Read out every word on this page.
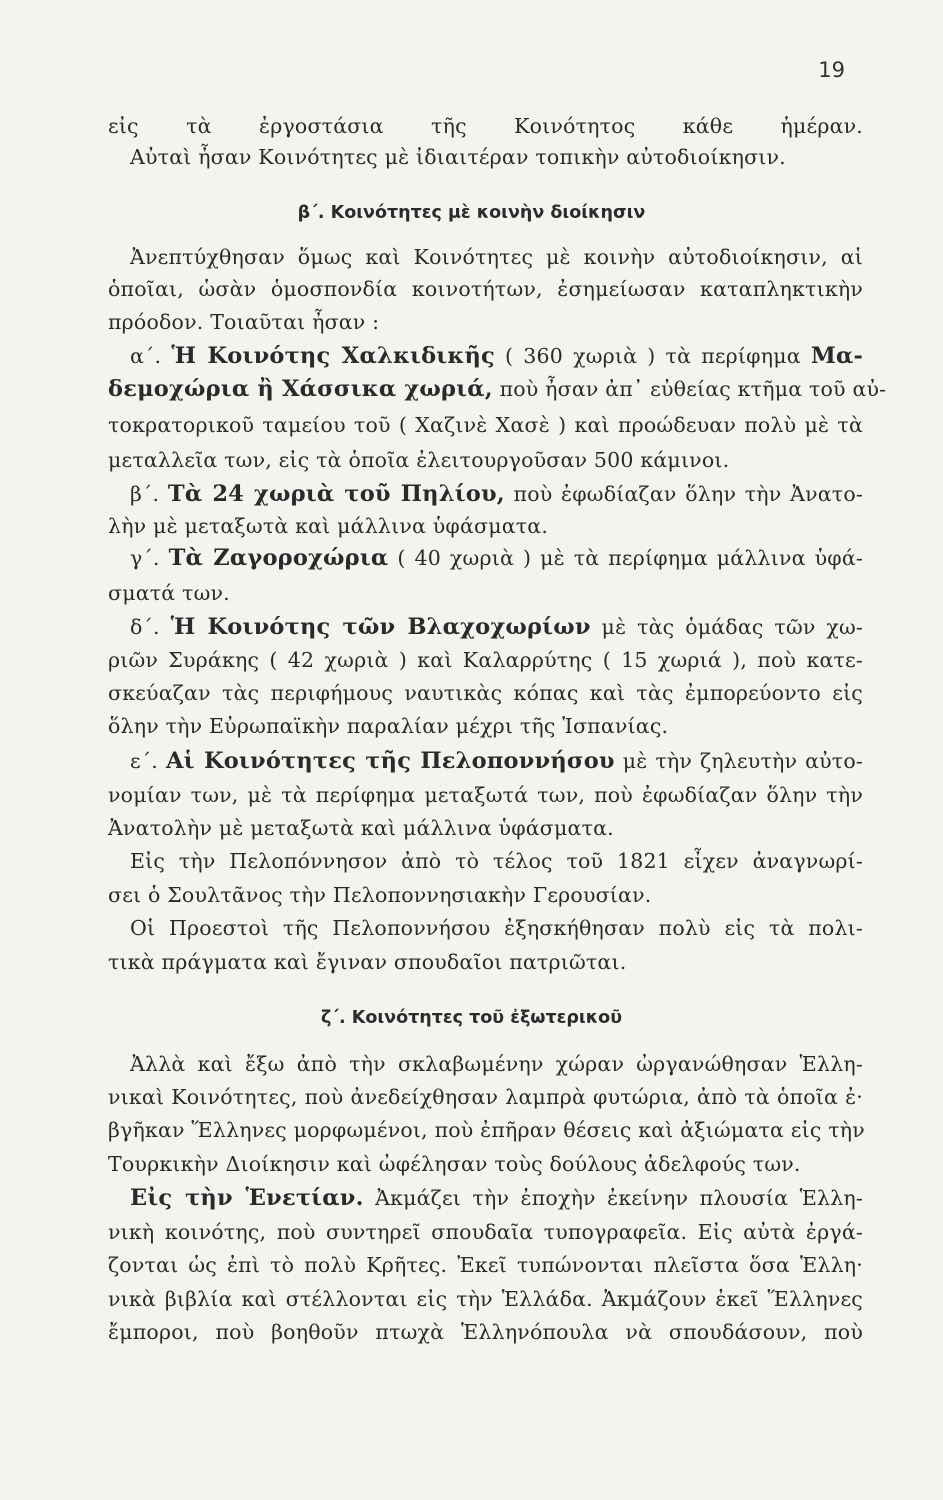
19
εἰς τὰ ἐργοστάσια τῆς Κοινότητος κάθε ἡμέραν.
Αὐταὶ ἦσαν Κοινότητες μὲ ἰδιαιτέραν τοπικὴν αὐτοδιοίκησιν.
β΄. Κοινότητες μὲ κοινὴν διοίκησιν
Ἀνεπτύχθησαν ὅμως καὶ Κοινότητες μὲ κοινὴν αὐτοδιοίκησιν, αἱ
ὁποῖαι, ὡσὰν ὁμοσπονδία κοινοτήτων, ἐσημείωσαν καταπληκτικὴν
πρόοδον. Τοιαῦται ἦσαν :
α΄. Ἡ Κοινότης Χαλκιδικῆς ( 360 χωριὰ ) τὰ περίφημα Μα-
δεμοχώρια ἢ Χάσσικα χωριά, ποὺ ἦσαν ἀπ᾿ εὐθείας κτῆμα τοῦ αὐ-
τοκρατορικοῦ ταμείου τοῦ ( Χαζινὲ Χασὲ ) καὶ προώδευαν πολὺ μὲ τὰ
μεταλλεῖα των, εἰς τὰ ὁποῖα ἐλειτουργοῦσαν 500 κάμινοι.
β΄. Τὰ 24 χωριὰ τοῦ Πηλίου, ποὺ ἐφωδίαζαν ὅλην τὴν Ἀνατο-
λὴν μὲ μεταξωτὰ καὶ μάλλινα ὑφάσματα.
γ΄. Τὰ Ζαγοροχώρια ( 40 χωριὰ ) μὲ τὰ περίφημα μάλλινα ὑφά-
σματά των.
δ΄. Ἡ Κοινότης τῶν Βλαχοχωρίων μὲ τὰς ὁμάδας τῶν χω-
ριῶν Συράκης ( 42 χωριὰ ) καὶ Καλαρρύτης ( 15 χωριά ), ποὺ κατε-
σκεύαζαν τὰς περιφήμους ναυτικὰς κόπας καὶ τὰς ἐμπορεύοντο εἰς
ὅλην τὴν Εὐρωπαϊκὴν παραλίαν μέχρι τῆς Ἱσπανίας.
ε΄. Αἱ Κοινότητες τῆς Πελοποννήσου μὲ τὴν ζηλευτὴν αὐτο-
νομίαν των, μὲ τὰ περίφημα μεταξωτά των, ποὺ ἐφωδίαζαν ὅλην τὴν
Ἀνατολὴν μὲ μεταξωτὰ καὶ μάλλινα ὑφάσματα.
Εἰς τὴν Πελοπόννησον ἀπὸ τὸ τέλος τοῦ 1821 εἶχεν ἀναγνωρί-
σει ὁ Σουλτᾶνος τὴν Πελοποννησιακὴν Γερουσίαν.
Οἱ Προεστοὶ τῆς Πελοποννήσου ἐξησκήθησαν πολὺ εἰς τὰ πολι-
τικὰ πράγματα καὶ ἔγιναν σπουδαῖοι πατριῶται.
ζ΄. Κοινότητες τοῦ ἐξωτερικοῦ
Ἀλλὰ καὶ ἔξω ἀπὸ τὴν σκλαβωμένην χώραν ὠργανώθησαν Ἑλλη-
νικαὶ Κοινότητες, ποὺ ἀνεδείχθησαν λαμπρὰ φυτώρια, ἀπὸ τὰ ὁποῖα ἐ·
βγῆκαν Ἕλληνες μορφωμένοι, ποὺ ἐπῆραν θέσεις καὶ ἀξιώματα εἰς τὴν
Τουρκικὴν Διοίκησιν καὶ ὠφέλησαν τοὺς δούλους ἀδελφούς των.
Εἰς τὴν Ἑνετίαν. Ἀκμάζει τὴν ἐποχὴν ἐκείνην πλουσία Ἑλλη-
νικὴ κοινότης, ποὺ συντηρεῖ σπουδαῖα τυπογραφεῖα. Εἰς αὐτὰ ἐργά-
ζονται ὡς ἐπὶ τὸ πολὺ Κρῆτες. Ἐκεῖ τυπώνονται πλεῖστα ὅσα Ἑλλη·
νικὰ βιβλία καὶ στέλλονται εἰς τὴν Ἑλλάδα. Ἀκμάζουν ἐκεῖ Ἕλληνες
ἔμποροι, ποὺ βοηθοῦν πτωχὰ Ἑλληνόπουλα νὰ σπουδάσουν, ποὺ
